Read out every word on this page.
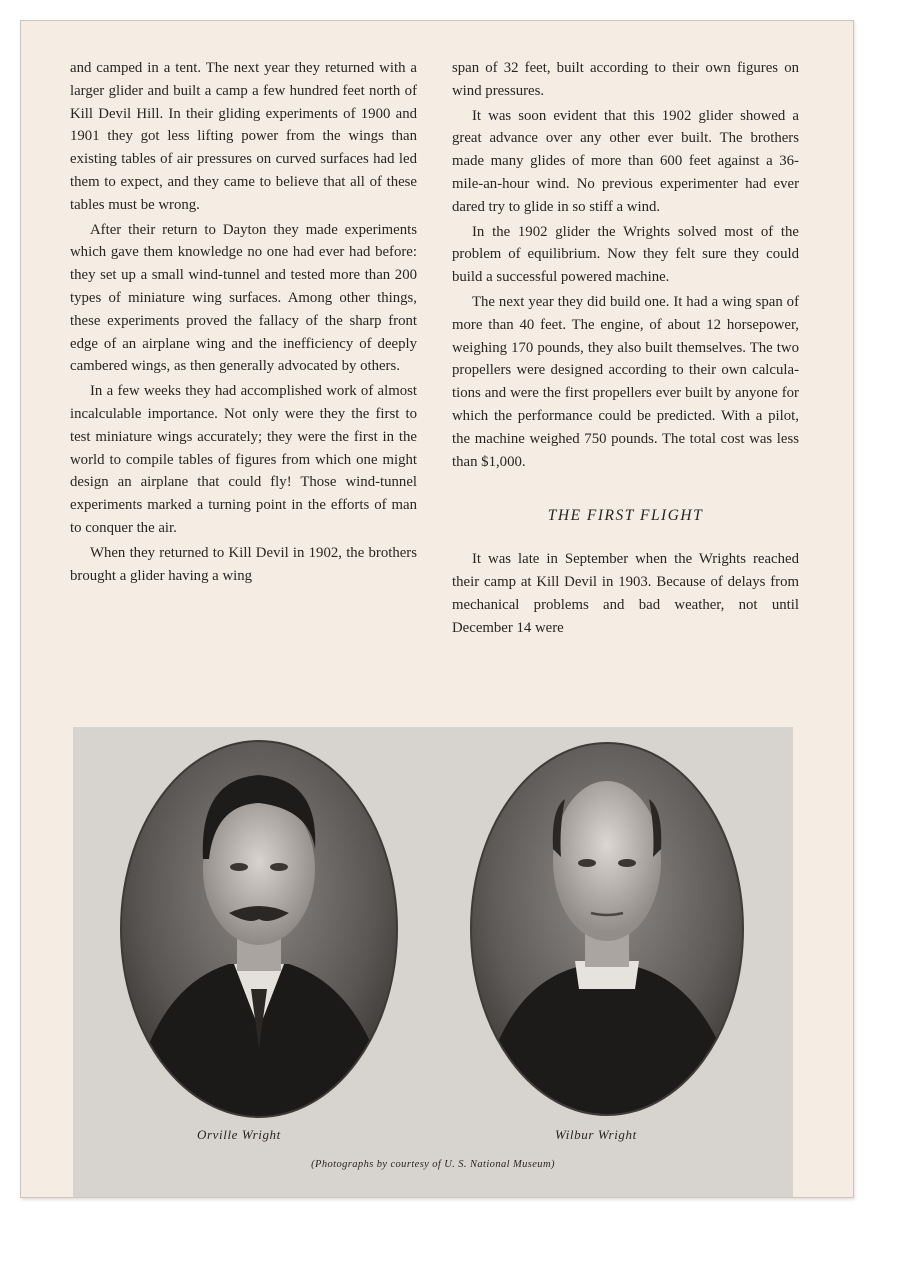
and camped in a tent. The next year they returned with a larger glider and built a camp a few hundred feet north of Kill Devil Hill. In their gliding experiments of 1900 and 1901 they got less lifting power from the wings than existing tables of air pressures on curved surfaces had led them to expect, and they came to believe that all of these tables must be wrong.

After their return to Dayton they made experiments which gave them knowledge no one had ever had before: they set up a small wind-tunnel and tested more than 200 types of miniature wing surfaces. Among other things, these experiments proved the fallacy of the sharp front edge of an airplane wing and the inefficiency of deeply cambered wings, as then generally advocated by others.

In a few weeks they had accomplished work of almost incalculable importance. Not only were they the first to test miniature wings accurately; they were the first in the world to compile tables of figures from which one might design an airplane that could fly! Those wind-tunnel experiments marked a turning point in the efforts of man to conquer the air.

When they returned to Kill Devil in 1902, the brothers brought a glider having a wing

span of 32 feet, built according to their own figures on wind pressures.

It was soon evident that this 1902 glider showed a great advance over any other ever built. The brothers made many glides of more than 600 feet against a 36-mile-an-hour wind. No previous experimenter had ever dared try to glide in so stiff a wind.

In the 1902 glider the Wrights solved most of the problem of equilibrium. Now they felt sure they could build a successful powered machine.

The next year they did build one. It had a wing span of more than 40 feet. The engine, of about 12 horsepower, weighing 170 pounds, they also built themselves. The two propellers were designed according to their own calculations and were the first propellers ever built by anyone for which the performance could be predicted. With a pilot, the machine weighed 750 pounds. The total cost was less than $1,000.

THE FIRST FLIGHT

It was late in September when the Wrights reached their camp at Kill Devil in 1903. Because of delays from mechanical problems and bad weather, not until December 14 were

Orville Wright	Wilbur Wright
(Photographs by courtesy of U. S. National Museum)
